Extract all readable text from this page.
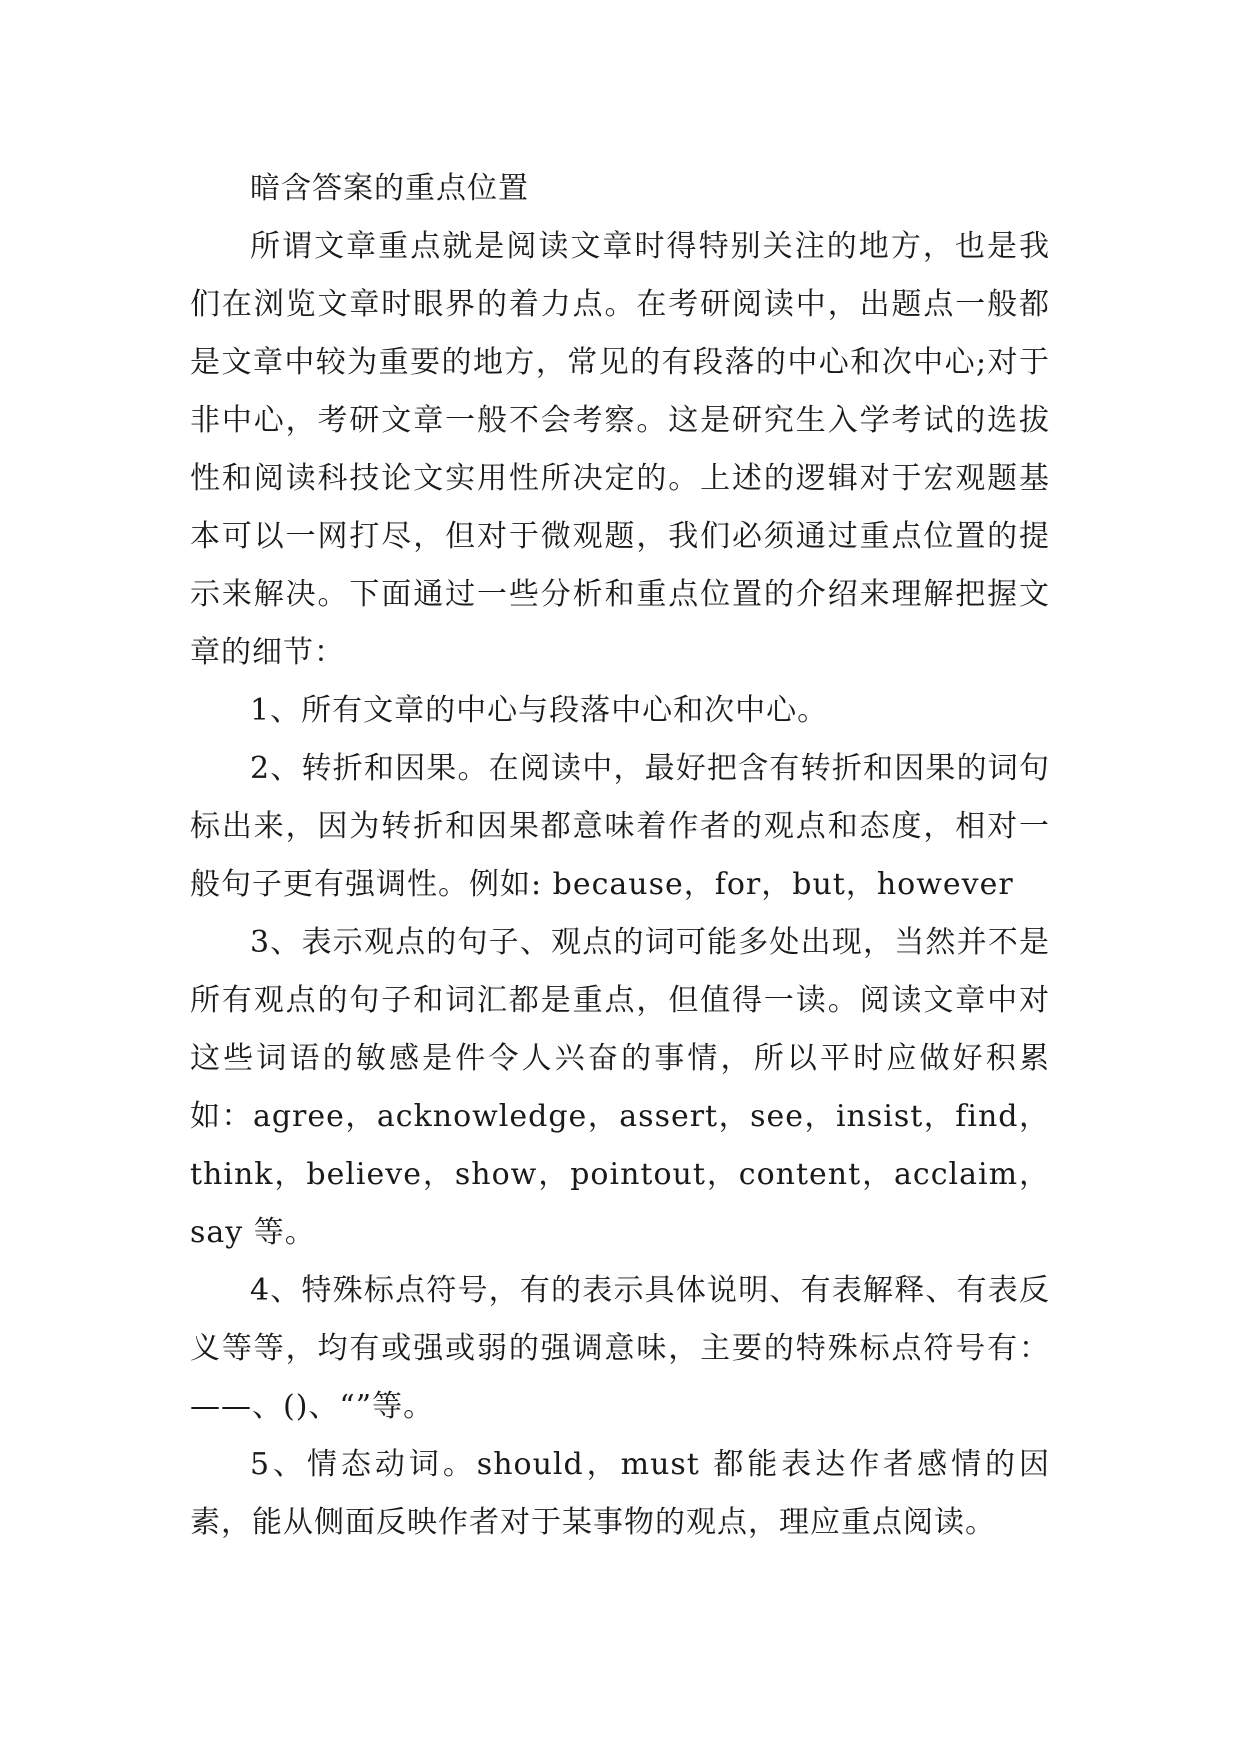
暗含答案的重点位置

所谓文章重点就是阅读文章时得特别关注的地方，也是我们在浏览文章时眼界的着力点。在考研阅读中，出题点一般都是文章中较为重要的地方，常见的有段落的中心和次中心;对于非中心，考研文章一般不会考察。这是研究生入学考试的选拔性和阅读科技论文实用性所决定的。上述的逻辑对于宏观题基本可以一网打尽，但对于微观题，我们必须通过重点位置的提示来解决。下面通过一些分析和重点位置的介绍来理解把握文章的细节：

1、所有文章的中心与段落中心和次中心。

2、转折和因果。在阅读中，最好把含有转折和因果的词句标出来，因为转折和因果都意味着作者的观点和态度，相对一般句子更有强调性。例如: because，for，but，however

3、表示观点的句子、观点的词可能多处出现，当然并不是所有观点的句子和词汇都是重点，但值得一读。阅读文章中对这些词语的敏感是件令人兴奋的事情，所以平时应做好积累如：agree，acknowledge，assert，see，insist，find，think，believe，show，pointout，content，acclaim，say 等。

4、特殊标点符号，有的表示具体说明、有表解释、有表反义等等，均有或强或弱的强调意味，主要的特殊标点符号有：——、()、“”等。

5、情态动词。should，must 都能表达作者感情的因素，能从侧面反映作者对于某事物的观点，理应重点阅读。
